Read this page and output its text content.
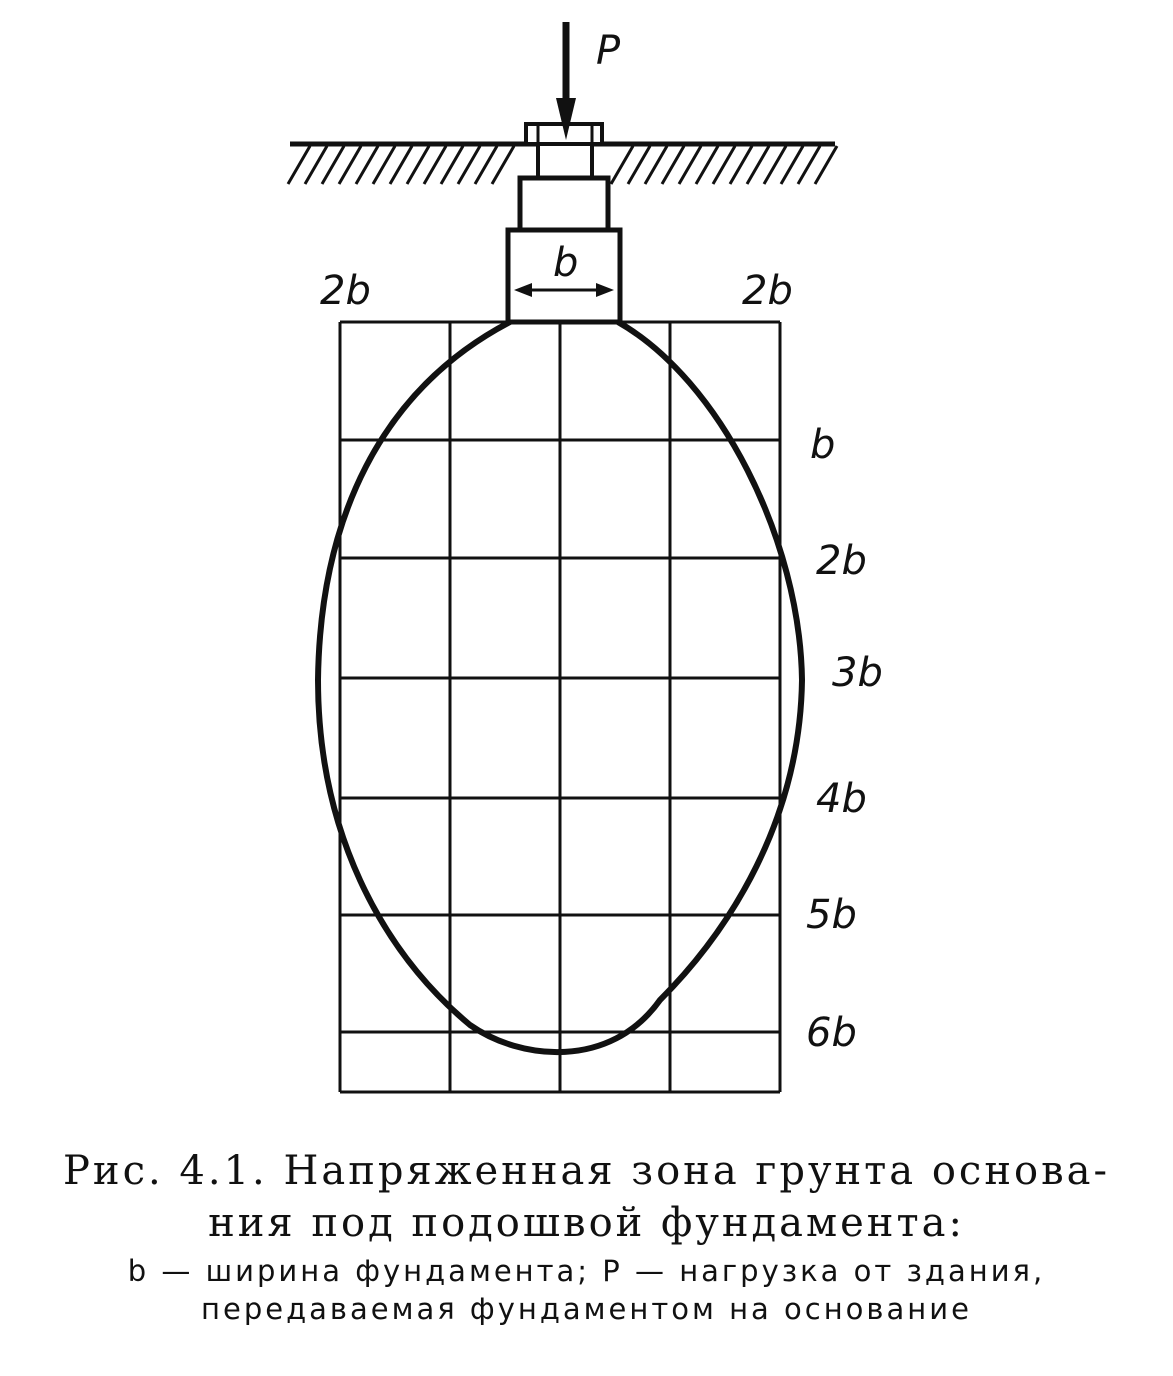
P
b
2b	2b
b
2b
3b
4b
5b
6b
Рис. 4.1. Напряженная зона грунта основа-
ния под подошвой фундамента:
b — ширина фундамента; P — нагрузка от здания,
передаваемая фундаментом на основание
